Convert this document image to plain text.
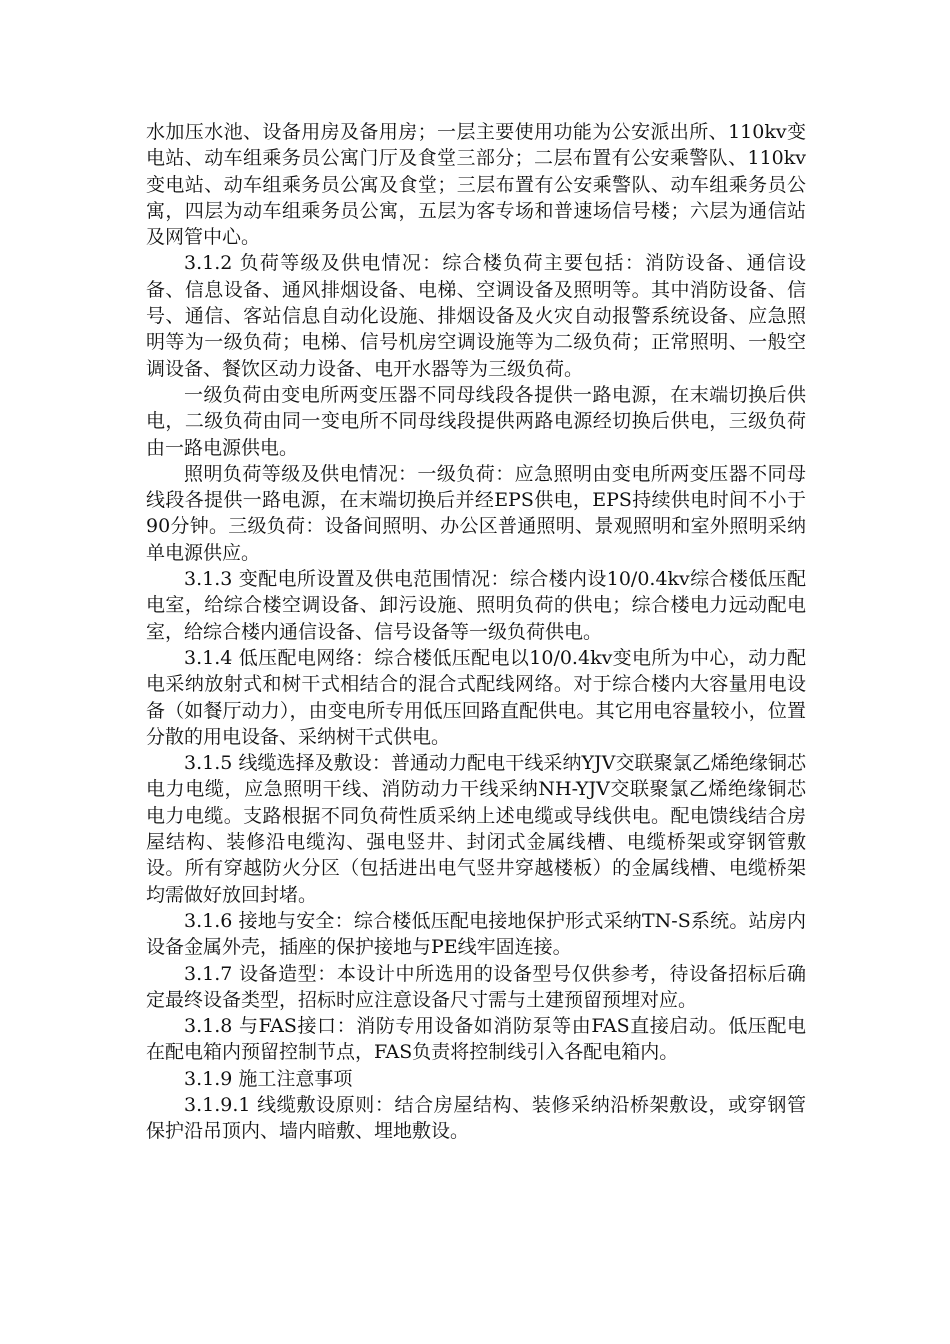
水加压水池、设备用房及备用房；一层主要使用功能为公安派出所、110kv变电站、动车组乘务员公寓门厅及食堂三部分；二层布置有公安乘警队、110kv变电站、动车组乘务员公寓及食堂；三层布置有公安乘警队、动车组乘务员公寓，四层为动车组乘务员公寓，五层为客专场和普速场信号楼；六层为通信站及网管中心。

3.1.2 负荷等级及供电情况：综合楼负荷主要包括：消防设备、通信设备、信息设备、通风排烟设备、电梯、空调设备及照明等。其中消防设备、信号、通信、客站信息自动化设施、排烟设备及火灾自动报警系统设备、应急照明等为一级负荷；电梯、信号机房空调设施等为二级负荷；正常照明、一般空调设备、餐饮区动力设备、电开水器等为三级负荷。

一级负荷由变电所两变压器不同母线段各提供一路电源，在末端切换后供电，二级负荷由同一变电所不同母线段提供两路电源经切换后供电，三级负荷由一路电源供电。

照明负荷等级及供电情况：一级负荷：应急照明由变电所两变压器不同母线段各提供一路电源，在末端切换后并经EPS供电，EPS持续供电时间不小于90分钟。三级负荷：设备间照明、办公区普通照明、景观照明和室外照明采纳单电源供应。

3.1.3 变配电所设置及供电范围情况：综合楼内设10/0.4kv综合楼低压配电室，给综合楼空调设备、卸污设施、照明负荷的供电；综合楼电力远动配电室，给综合楼内通信设备、信号设备等一级负荷供电。

3.1.4 低压配电网络：综合楼低压配电以10/0.4kv变电所为中心，动力配电采纳放射式和树干式相结合的混合式配线网络。对于综合楼内大容量用电设备（如餐厅动力），由变电所专用低压回路直配供电。其它用电容量较小，位置分散的用电设备、采纳树干式供电。

3.1.5 线缆选择及敷设：普通动力配电干线采纳YJV交联聚氯乙烯绝缘铜芯电力电缆，应急照明干线、消防动力干线采纳NH-YJV交联聚氯乙烯绝缘铜芯电力电缆。支路根据不同负荷性质采纳上述电缆或导线供电。配电馈线结合房屋结构、装修沿电缆沟、强电竖井、封闭式金属线槽、电缆桥架或穿钢管敷设。所有穿越防火分区（包括进出电气竖井穿越楼板）的金属线槽、电缆桥架均需做好放回封堵。

3.1.6 接地与安全：综合楼低压配电接地保护形式采纳TN-S系统。站房内设备金属外壳，插座的保护接地与PE线牢固连接。

3.1.7 设备造型：本设计中所选用的设备型号仅供参考，待设备招标后确定最终设备类型，招标时应注意设备尺寸需与土建预留预埋对应。

3.1.8 与FAS接口：消防专用设备如消防泵等由FAS直接启动。低压配电在配电箱内预留控制节点，FAS负责将控制线引入各配电箱内。

3.1.9 施工注意事项

3.1.9.1 线缆敷设原则：结合房屋结构、装修采纳沿桥架敷设，或穿钢管保护沿吊顶内、墙内暗敷、埋地敷设。
